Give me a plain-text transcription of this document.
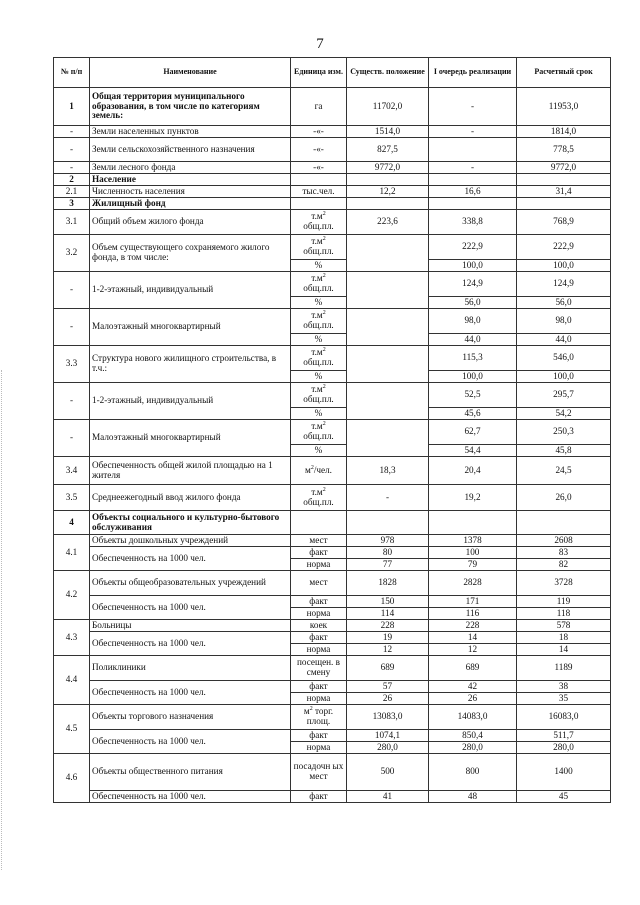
7
№ п/п	Наименование	Единица изм.	Существ. положение	I очередь реализации	Расчетный срок
1	Общая территория муниципального образования, в том числе по категориям земель:	га	11702,0	-	11953,0
-	Земли населенных пунктов	-«-	1514,0	-	1814,0
-	Земли сельскохозяйственного назначения	-«-	827,5		778,5
-	Земли лесного фонда	-«-	9772,0	-	9772,0
2	Население				
2.1	Численность населения	тыс.чел.	12,2	16,6	31,4
3	Жилищный фонд				
3.1	Общий объем жилого фонда	$т.м^2$
общ.пл.	223,6	338,8	768,9
3.2	Объем существующего сохраняемого жилого фонда, в том числе:	$т.м^2$
общ.пл.		222,9	222,9
		%		100,0	100,0
-	1-2-этажный, индивидуальный	$т.м^2$
общ.пл.		124,9	124,9
		%		56,0	56,0
-	Малоэтажный многоквартирный	$т.м^2$
общ.пл.		98,0	98,0
		%		44,0	44,0
3.3	Структура нового жилищного строительства, в т.ч.:	$т.м^2$
общ.пл.		115,3	546,0
		%		100,0	100,0
-	1-2-этажный, индивидуальный	$т.м^2$
общ.пл.		52,5	295,7
		%		45,6	54,2
-	Малоэтажный многоквартирный	$т.м^2$
общ.пл.		62,7	250,3
		%		54,4	45,8
3.4	Обеспеченность общей жилой площадью на 1 жителя	$м^2$/чел.	18,3	20,4	24,5
3.5	Среднеежегодный ввод жилого фонда	$т.м^2$
общ.пл.	-	19,2	26,0
4	Объекты социального и культурно-бытового обслуживания				
4.1	Объекты дошкольных учреждений	мест	978	1378	2608
	Обеспеченность на 1000 чел.	факт	80	100	83
		норма	77	79	82
4.2	Объекты общеобразовательных учреждений	мест	1828	2828	3728
	Обеспеченность на 1000 чел.	факт	150	171	119
		норма	114	116	118
4.3	Больницы	коек	228	228	578
	Обеспеченность на 1000 чел.	факт	19	14	18
		норма	12	12	14
4.4	Поликлиники	посещен. в смену	689	689	1189
	Обеспеченность на 1000 чел.	факт	57	42	38
		норма	26	26	35
4.5	Объекты торгового назначения	$м^2$ торг. площ.	13083,0	14083,0	16083,0
	Обеспеченность на 1000 чел.	факт	1074,1	850,4	511,7
		норма	280,0	280,0	280,0
4.6	Объекты общественного питания	посадочн ых мест	500	800	1400
	Обеспеченность на 1000 чел.	факт	41	48	45
